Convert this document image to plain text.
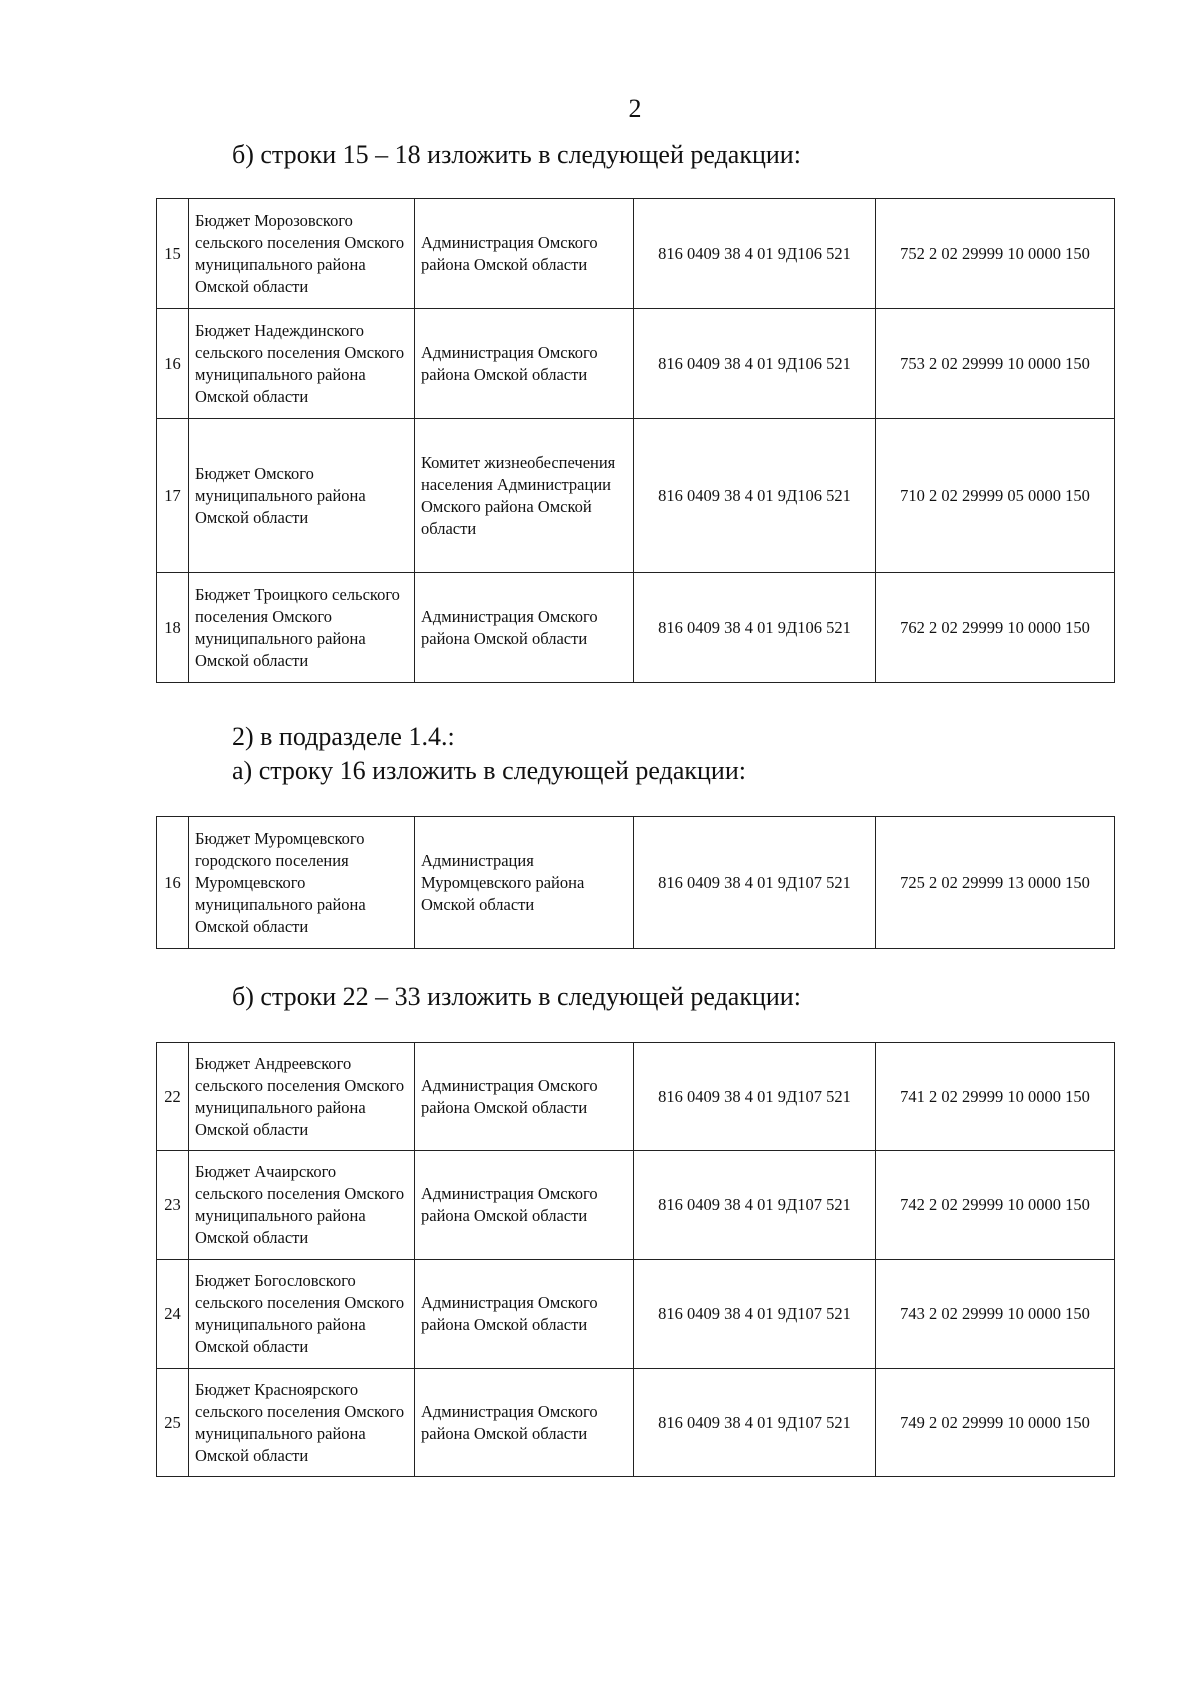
2
б) строки 15 – 18 изложить в следующей редакции:
15	Бюджет Морозовского сельского поселения Омского муниципального района Омской области	Администрация Омского района Омской области	816 0409 38 4 01 9Д106 521	752 2 02 29999 10 0000 150
16	Бюджет Надеждинского сельского поселения Омского муниципального района Омской области	Администрация Омского района Омской области	816 0409 38 4 01 9Д106 521	753 2 02 29999 10 0000 150
17	Бюджет Омского муниципального района Омской области	Комитет жизнеобеспечения населения Администрации Омского района Омской области	816 0409 38 4 01 9Д106 521	710 2 02 29999 05 0000 150
18	Бюджет Троицкого сельского поселения Омского муниципального района Омской области	Администрация Омского района Омской области	816 0409 38 4 01 9Д106 521	762 2 02 29999 10 0000 150
2) в подразделе 1.4.:
а) строку 16 изложить в следующей редакции:
16	Бюджет Муромцевского городского поселения Муромцевского муниципального района Омской области	Администрация Муромцевского района Омской области	816 0409 38 4 01 9Д107 521	725 2 02 29999 13 0000 150
б) строки 22 – 33 изложить в следующей редакции:
22	Бюджет Андреевского сельского поселения Омского муниципального района Омской области	Администрация Омского района Омской области	816 0409 38 4 01 9Д107 521	741 2 02 29999 10 0000 150
23	Бюджет Ачаирского сельского поселения Омского муниципального района Омской области	Администрация Омского района Омской области	816 0409 38 4 01 9Д107 521	742 2 02 29999 10 0000 150
24	Бюджет Богословского сельского поселения Омского муниципального района Омской области	Администрация Омского района Омской области	816 0409 38 4 01 9Д107 521	743 2 02 29999 10 0000 150
25	Бюджет Красноярского сельского поселения Омского муниципального района Омской области	Администрация Омского района Омской области	816 0409 38 4 01 9Д107 521	749 2 02 29999 10 0000 150
